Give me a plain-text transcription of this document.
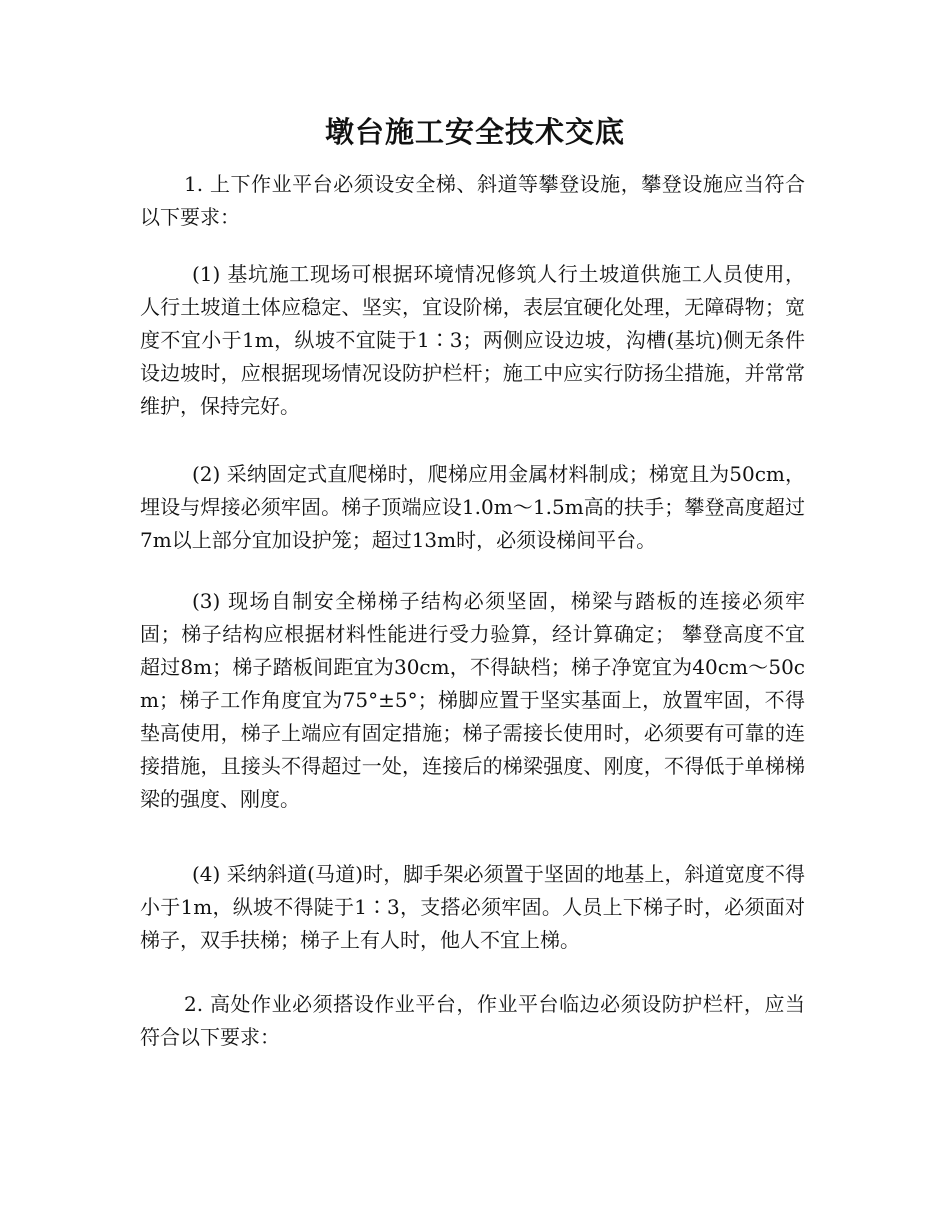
墩台施工安全技术交底

1. 上下作业平台必须设安全梯、斜道等攀登设施，攀登设施应当符合以下要求：

(1) 基坑施工现场可根据环境情况修筑人行土坡道供施工人员使用，人行土坡道土体应稳定、坚实，宜设阶梯，表层宜硬化处理，无障碍物；宽度不宜小于1m，纵坡不宜陡于1∶3；两侧应设边坡，沟槽(基坑)侧无条件设边坡时，应根据现场情况设防护栏杆；施工中应实行防扬尘措施，并常常维护，保持完好。

(2) 采纳固定式直爬梯时，爬梯应用金属材料制成；梯宽且为50cm，埋设与焊接必须牢固。梯子顶端应设1.0m～1.5m高的扶手；攀登高度超过7m以上部分宜加设护笼；超过13m时，必须设梯间平台。

(3) 现场自制安全梯梯子结构必须坚固，梯梁与踏板的连接必须牢固；梯子结构应根据材料性能进行受力验算，经计算确定； 攀登高度不宜超过8m；梯子踏板间距宜为30cm，不得缺档；梯子净宽宜为40cm～50cm；梯子工作角度宜为75°±5°；梯脚应置于坚实基面上，放置牢固，不得垫高使用，梯子上端应有固定措施；梯子需接长使用时，必须要有可靠的连接措施，且接头不得超过一处，连接后的梯梁强度、刚度，不得低于单梯梯梁的强度、刚度。

(4) 采纳斜道(马道)时，脚手架必须置于坚固的地基上，斜道宽度不得小于1m，纵坡不得陡于1∶3，支搭必须牢固。人员上下梯子时，必须面对梯子，双手扶梯；梯子上有人时，他人不宜上梯。

2. 高处作业必须搭设作业平台，作业平台临边必须设防护栏杆，应当符合以下要求：
